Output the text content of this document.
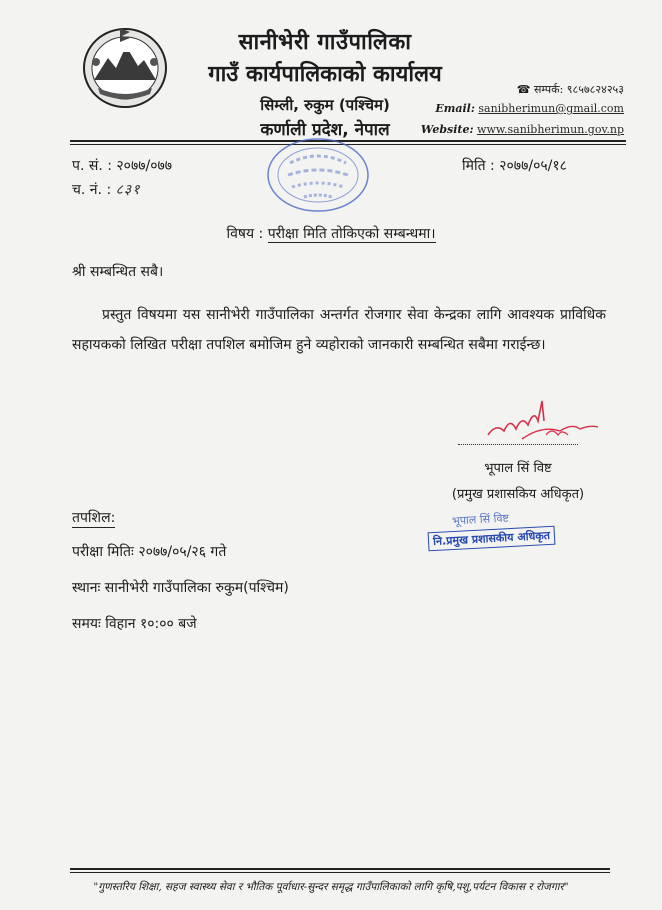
सानीभेरी गाउँपालिका
गाउँ कार्यपालिकाको कार्यालय
सिम्ली, रुकुम (पश्चिम)
कर्णाली प्रदेश, नेपाल
☎ सम्पर्क: ९८५७८२४२५३
Email: sanibherimun@gmail.com
Website: www.sanibherimun.gov.np
प. सं. : २०७७/०७७
च. नं. : ८३१
मिति : २०७७/०५/१८
विषय : परीक्षा मिति तोकिएको सम्बन्धमा।
श्री सम्बन्धित सबै।
प्रस्तुत विषयमा यस सानीभेरी गाउँपालिका अन्तर्गत रोजगार सेवा केन्द्रका लागि आवश्यक प्राविधिक सहायकको लिखित परीक्षा तपशिल बमोजिम हुने व्यहोराको जानकारी सम्बन्धित सबैमा गराईन्छ।
भूपाल सिं विष्ट
(प्रमुख प्रशासकिय अधिकृत)
भूपाल सिं विष्ट
नि.प्रमुख प्रशासकीय अधिकृत
तपशिल:
परीक्षा मितिः २०७७/०५/२६ गते
स्थानः सानीभेरी गाउँपालिका रुकुम(पश्चिम)
समयः विहान १०:०० बजे
"गुणस्तरिय शिक्षा, सहज स्वास्थ्य सेवा र भौतिक पूर्वाधार-सुन्दर समृद्ध गाउँपालिकाको लागि कृषि,पशु,पर्यटन विकास र रोजगार"
